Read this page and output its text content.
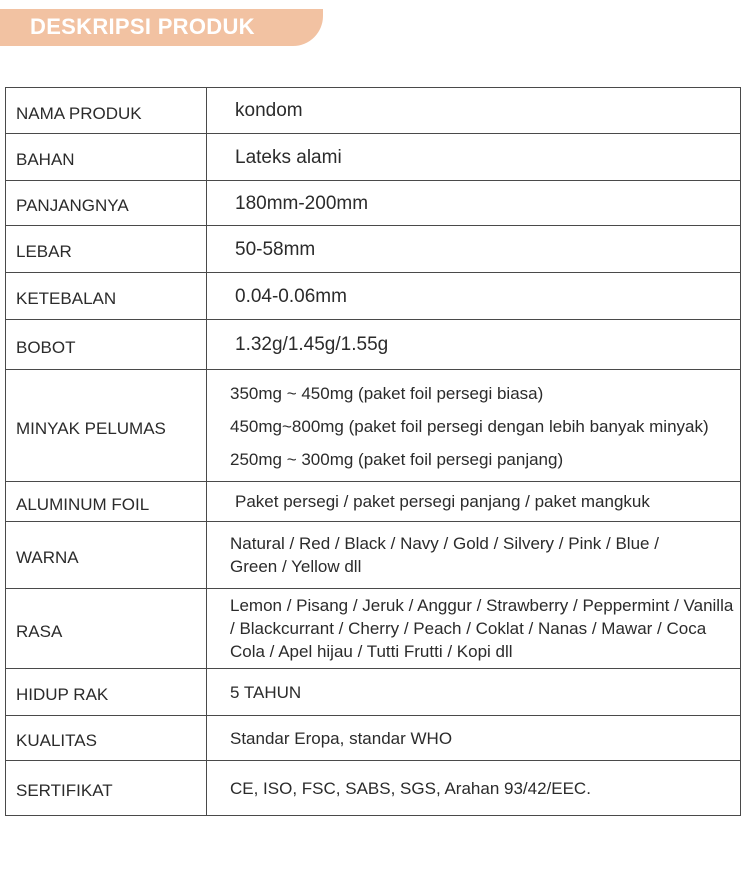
DESKRIPSI PRODUK
NAMA PRODUK	kondom
BAHAN	Lateks alami
PANJANGNYA	180mm-200mm
LEBAR	50-58mm
KETEBALAN	0.04-0.06mm
BOBOT	1.32g/1.45g/1.55g
MINYAK PELUMAS	350mg ~ 450mg (paket foil persegi biasa)
450mg~800mg (paket foil persegi dengan lebih banyak minyak)
250mg ~ 300mg (paket foil persegi panjang)

ALUMINUM FOIL	Paket persegi / paket persegi panjang / paket mangkuk
WARNA	Natural / Red / Black / Navy / Gold / Silvery / Pink / Blue / Green / Yellow dll
RASA	Lemon / Pisang / Jeruk / Anggur / Strawberry / Peppermint / Vanilla / Blackcurrant / Cherry / Peach / Coklat / Nanas / Mawar / Coca Cola / Apel hijau / Tutti Frutti / Kopi dll
HIDUP RAK	5 TAHUN
KUALITAS	Standar Eropa, standar WHO
SERTIFIKAT	CE, ISO, FSC, SABS, SGS, Arahan 93/42/EEC.
